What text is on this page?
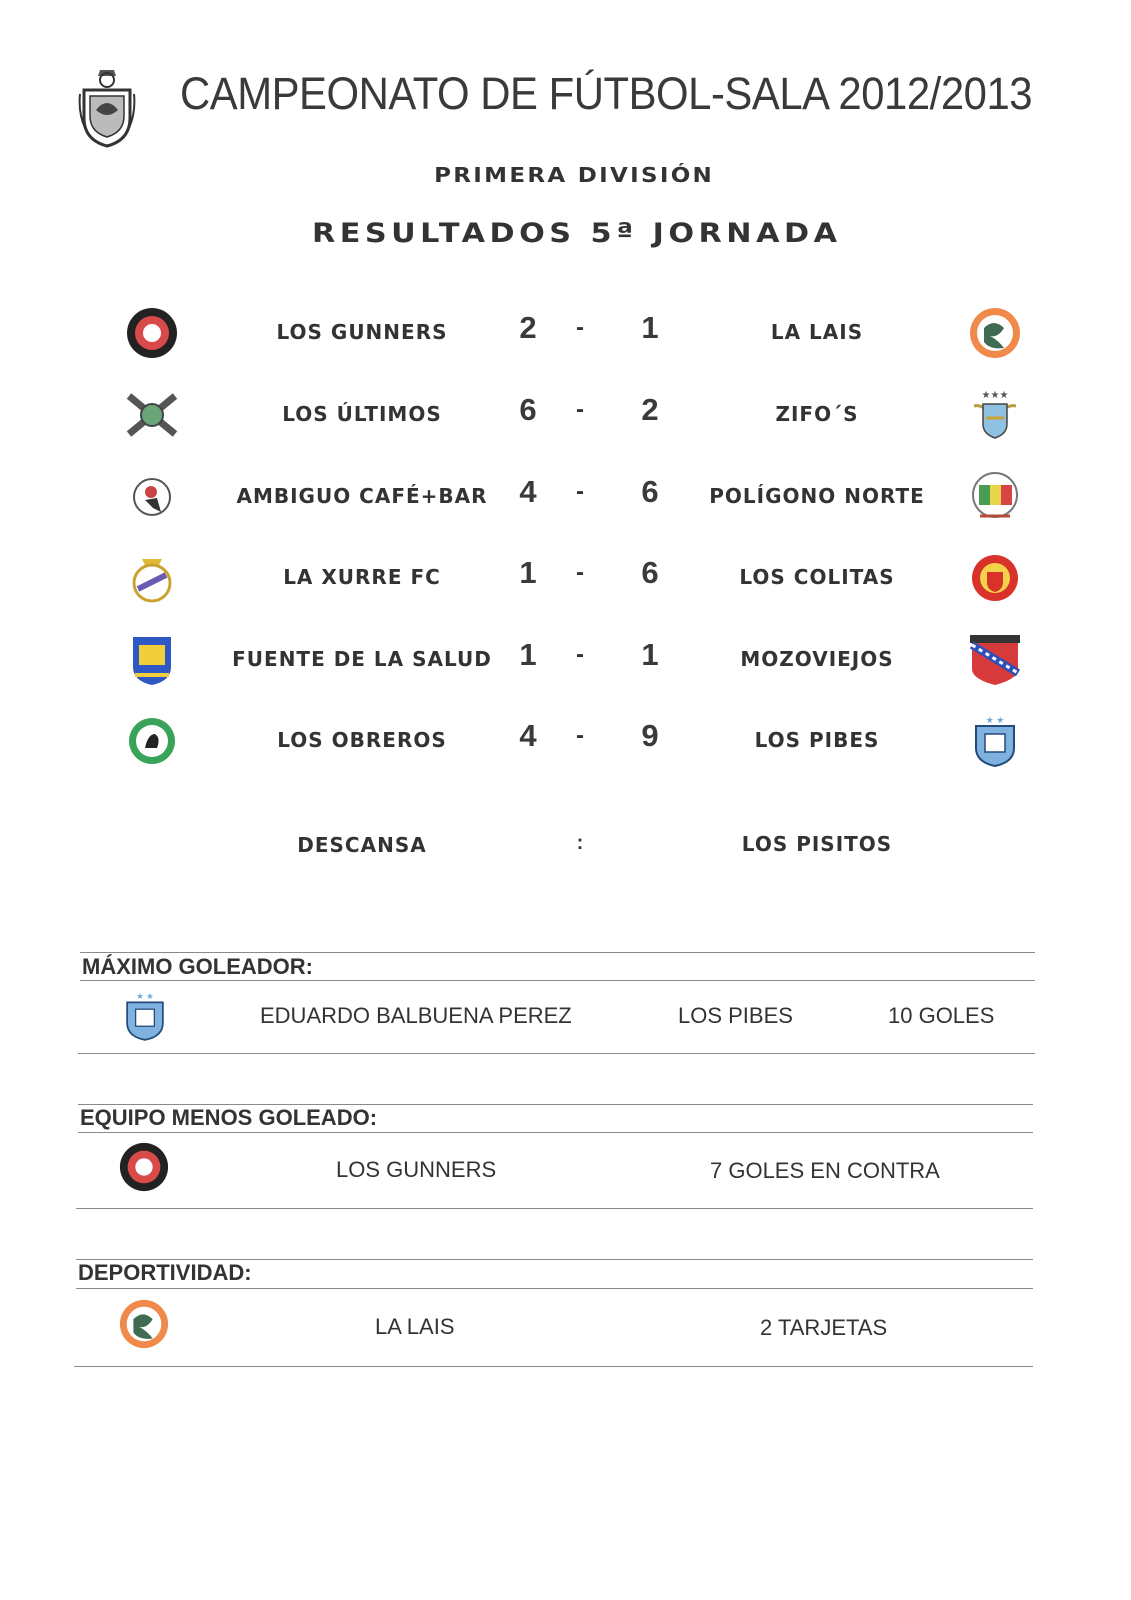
CAMPEONATO DE FÚTBOL-SALA 2012/2013
PRIMERA DIVISIÓN
RESULTADOS 5ª JORNADA
LOS GUNNERS	2	-	1	LA LAIS
LOS ÚLTIMOS	6	-	2	ZIFO´S
★★★
AMBIGUO CAFÉ+BAR	4	-	6	POLÍGONO NORTE
LA XURRE FC	1	-	6	LOS COLITAS
FUENTE DE LA SALUD 1	-	1	MOZOVIEJOS
LOS OBREROS	4	-	9	LOS PIBES
★ ★
DESCANSA	:	LOS PISITOS
MÁXIMO GOLEADOR:
★ ★
EDUARDO BALBUENA PEREZ	LOS PIBES	10 GOLES
EQUIPO MENOS GOLEADO:
LOS GUNNERS	7 GOLES EN CONTRA
DEPORTIVIDAD:
LA LAIS	2 TARJETAS
